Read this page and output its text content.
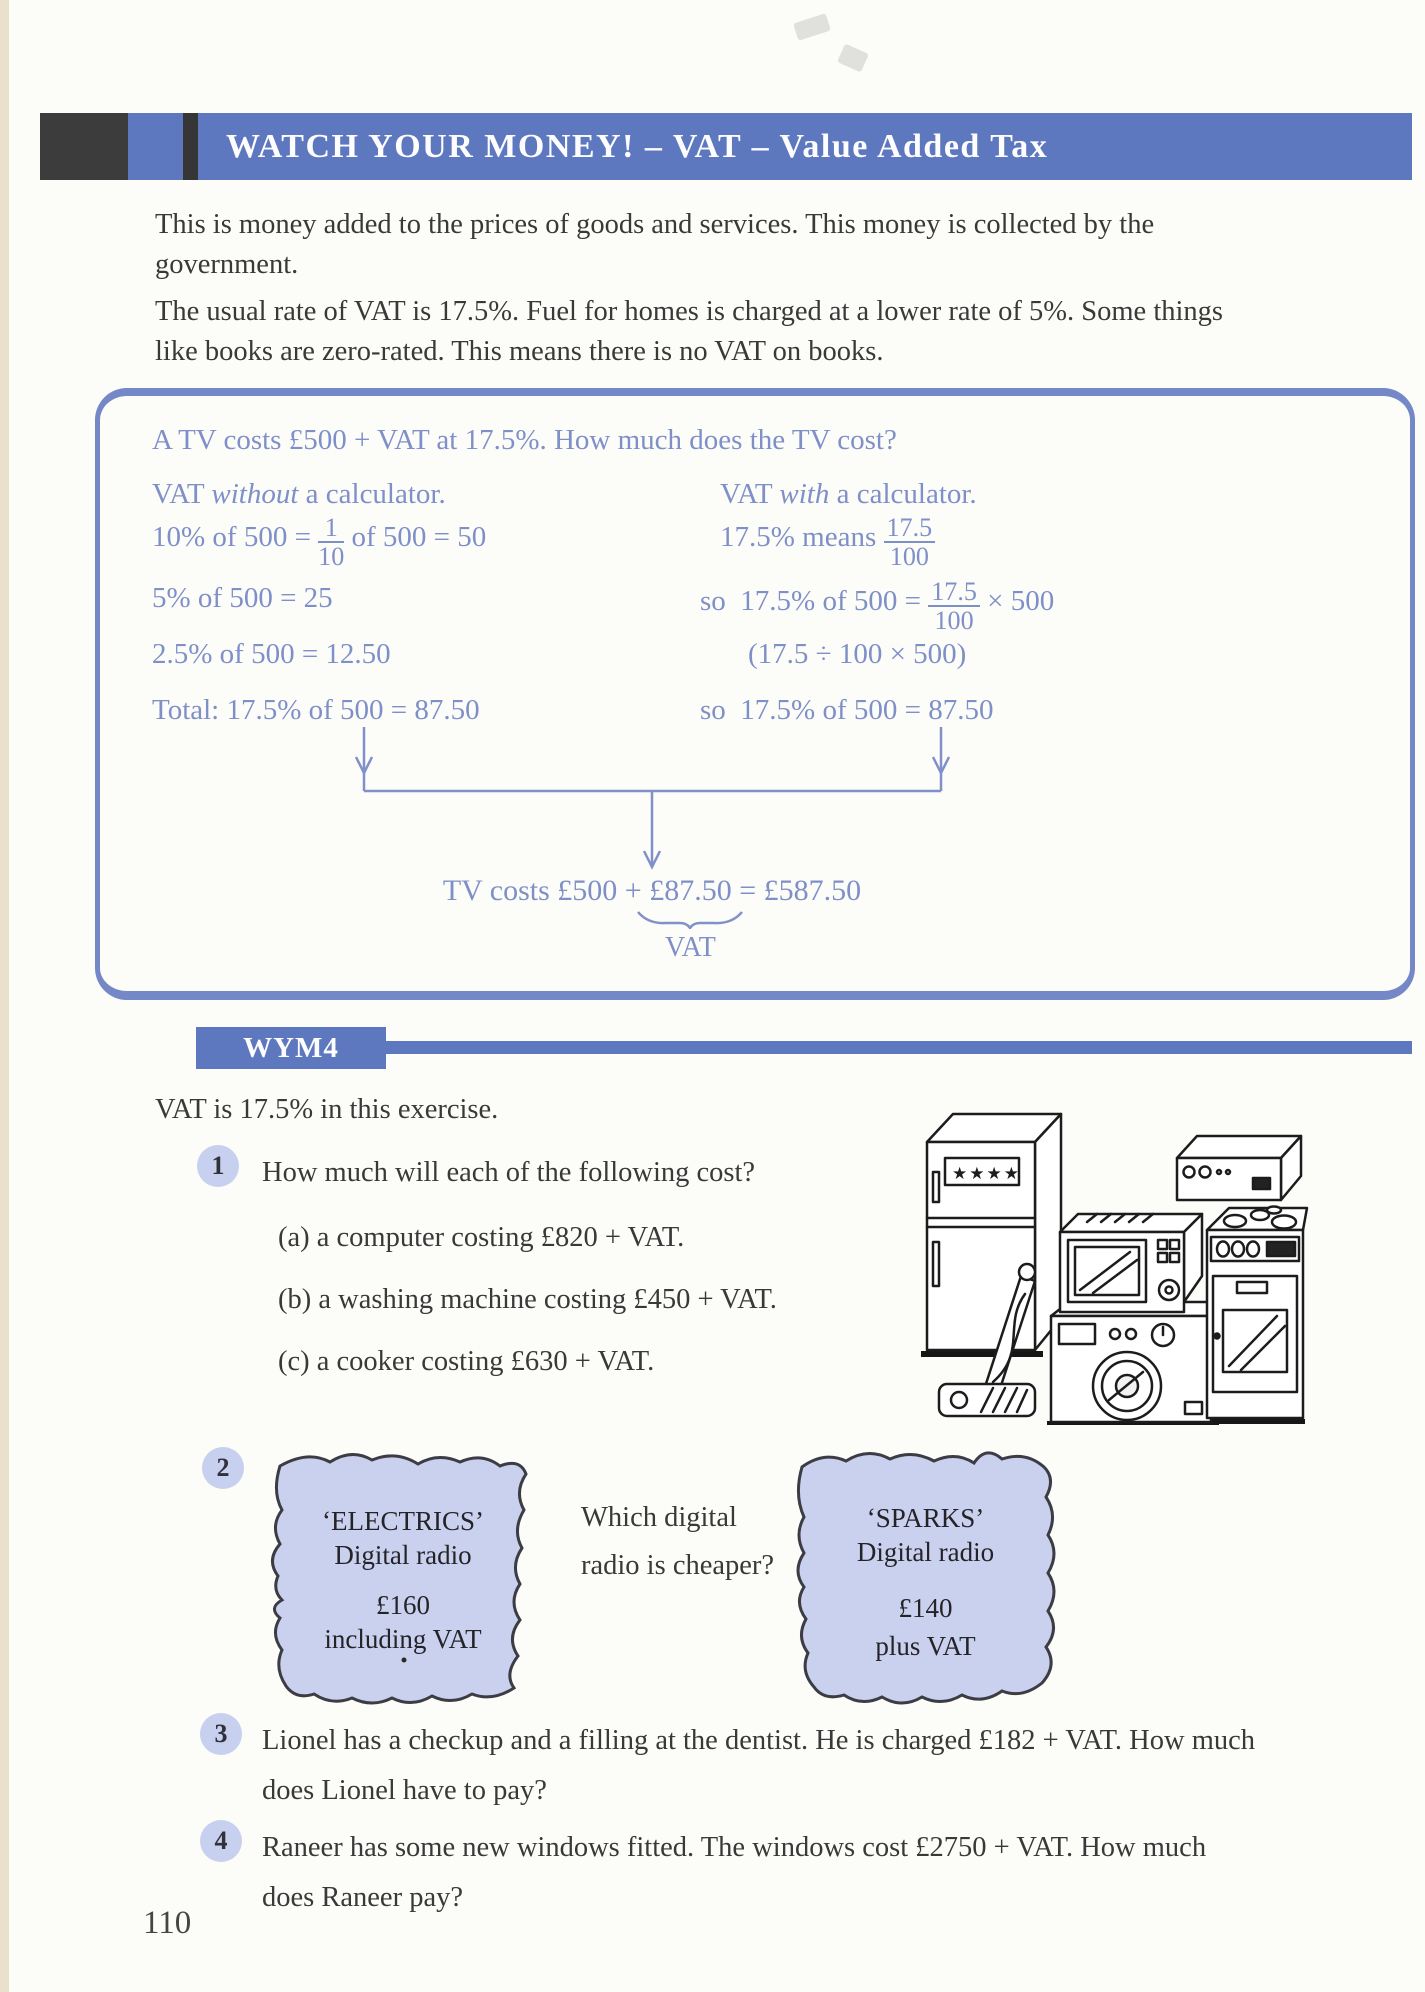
WATCH YOUR MONEY! – VAT – Value Added Tax
This is money added to the prices of goods and services. This money is collected by the government.
The usual rate of VAT is 17.5%. Fuel for homes is charged at a lower rate of 5%. Some things like books are zero-rated. This means there is no VAT on books.
A TV costs £500 + VAT at 17.5%. How much does the TV cost?
VAT without a calculator.
10% of $500 = \frac{1}{10}$ of 500 = 50
5% of 500 = 25
2.5% of 500 = 12.50
Total: 17.5% of 500 = 87.50
VAT with a calculator.
17.5% means $\frac{17.5}{100}$
so  17.5% of $500 = \frac{17.5}{100} \times 500$
(17.5 ÷ 100 × 500)
so  17.5% of 500 = 87.50
TV costs £500 + £87.50
VAT
= £587.50
WYM4
VAT is 17.5% in this exercise.
1	How much will each of the following cost?
(a) a computer costing £820 + VAT.
(b) a washing machine costing £450 + VAT.
(c) a cooker costing £630 + VAT.
★★★★
2
‘ELECTRICS’
Digital radio
£160
including VAT
Which digital radio is cheaper?
‘SPARKS’
Digital radio
£140
plus VAT
3	Lionel has a checkup and a filling at the dentist. He is charged £182 + VAT. How much does Lionel have to pay?
4	Raneer has some new windows fitted. The windows cost £2750 + VAT. How much does Raneer pay?
110
